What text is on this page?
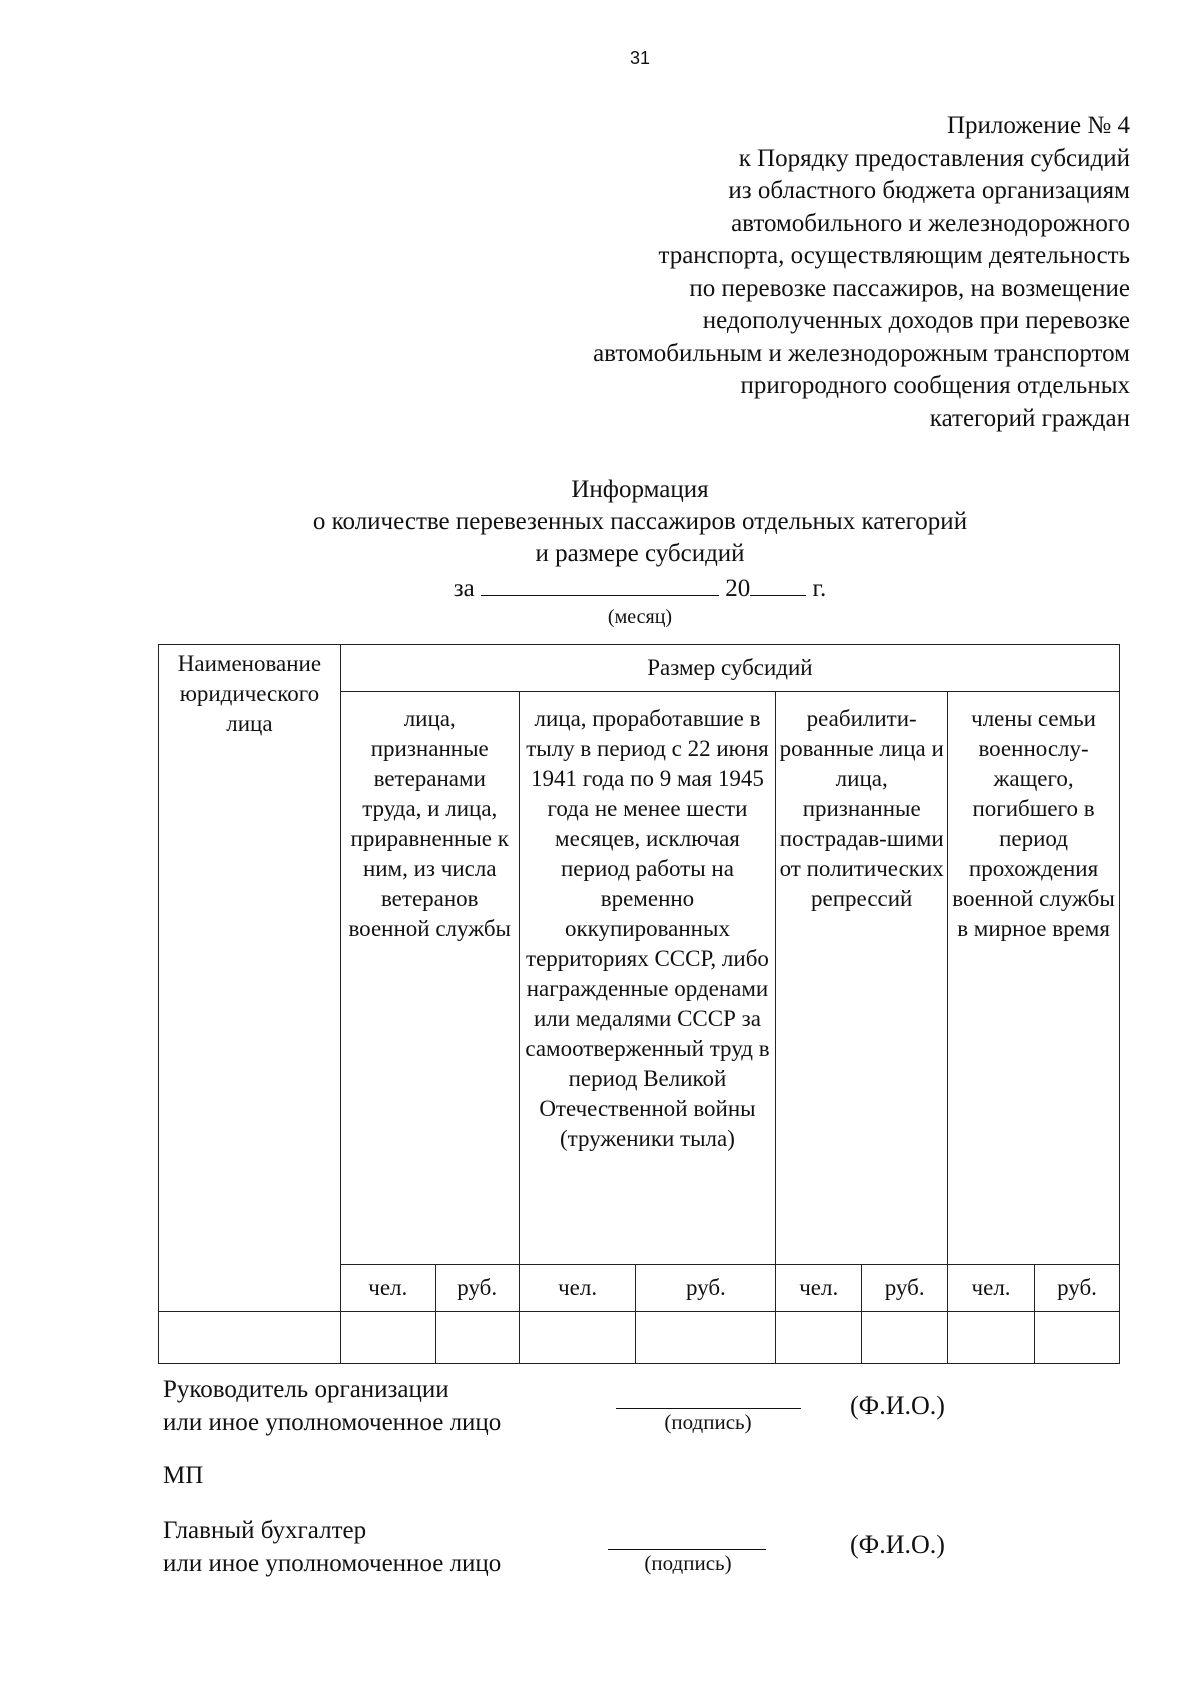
31
Приложение № 4
к Порядку предоставления субсидий
из областного бюджета организациям
автомобильного и железнодорожного
транспорта, осуществляющим деятельность
по перевозке пассажиров, на возмещение
недополученных доходов при перевозке
автомобильным и железнодорожным транспортом
пригородного сообщения отдельных
категорий граждан
Информация
о количестве перевезенных пассажиров отдельных категорий
и размере субсидий
за	20 г.
(месяц)
Наименование юридического лица	Размер субсидий							
	лица, признанные ветеранами труда, и лица, приравненные к ним, из числа ветеранов военной службы		лица, проработавшие в тылу в период с 22 июня 1941 года по 9 мая 1945 года не менее шести месяцев, исключая период работы на временно оккупированных территориях СССР, либо награжденные орденами или медалями СССР за самоотверженный труд в период Великой Отечественной войны (труженики тыла)		реабилити-рованные лица и лица, признанные пострадав-шими от политических репрессий		члены семьи военнослу-жащего, погибшего в период прохождения военной службы в мирное время	
	чел.	руб.	чел.	руб.	чел.	руб.	чел.	руб.

Руководитель организации
или иное уполномоченное лицо	(подпись)
(Ф.И.О.)
МП
Главный бухгалтер
или иное уполномоченное лицо	(подпись)
(Ф.И.О.)
